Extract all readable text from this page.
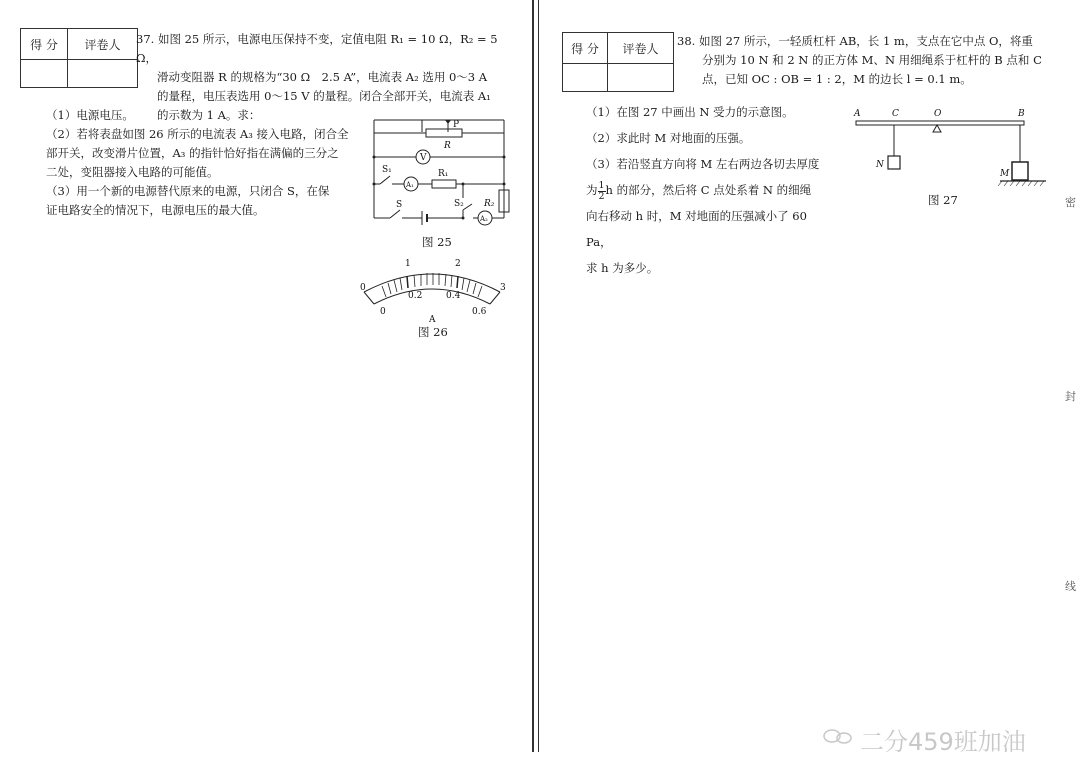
得 分	评卷人
	37. 如图 25 所示，电源电压保持不变，定值电阻 R₁ = 10 Ω，R₂ = 5 Ω，

滑动变阻器 R 的规格为“30 Ω　2.5 A”，电流表 A₂ 选用 0～3 A

的量程，电压表选用 0～15 V 的量程。闭合全部开关，电流表 A₁

的示数为 1 A。求：

（1）电源电压。

（2）若将表盘如图 26 所示的电流表 A₃ 接入电路，闭合全

部开关，改变滑片位置，A₃ 的指针恰好指在满偏的三分之

二处，变阻器接入电路的可能值。

（3）用一个新的电源替代原来的电源，只闭合 S，在保

证电路安全的情况下，电源电压的最大值。

P
R
V
S₁
A₁
R₁
R₂
S	S₂
A₂
图 25
0
1	2
3
0
0.2	0.4
0.6
A
图 26
得 分	评卷人

38. 如图 27 所示，一轻质杠杆 AB，长 1 m，支点在它中点 O，将重

分别为 10 N 和 2 N 的正方体 M、N 用细绳系于杠杆的 B 点和 C

点，已知 OC : OB = 1 : 2，M 的边长 l = 0.1 m。

（1）在图 27 中画出 N 受力的示意图。

（2）求此时 M 对地面的压强。

（3）若沿竖直方向将 M 左右两边各切去厚度

为 $\frac{1}{2}$ h 的部分，然后将 C 点处系着 N 的细绳

向右移动 h 时，M 对地面的压强减小了 60 Pa，

求 h 为多少。

A	C	O	B
N
M
图 27	密
封
线
二分459班加油
